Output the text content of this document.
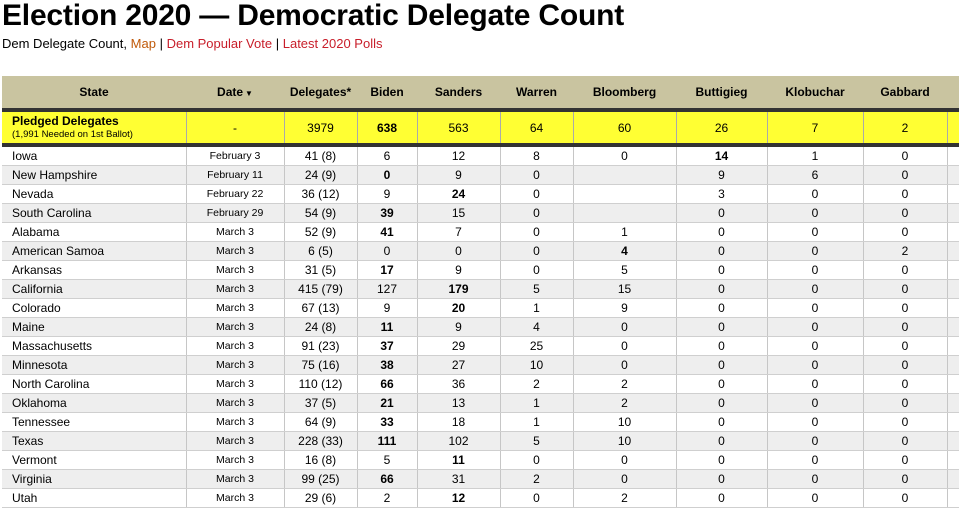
Election 2020 — Democratic Delegate Count
Dem Delegate Count, Map | Dem Popular Vote | Latest 2020 Polls
State	Date ▼	Delegates*	Biden	Sanders	Warren	Bloomberg	Buttigieg	Klobuchar	Gabbard	

Pledged Delegates
(1,991 Needed on 1st Ballot)	-	3979	638	563	64	60	26	7	2	
Iowa	February 3	41 (8)	6	12	8	0	14	1	0	
New Hampshire	February 11	24 (9)	0	9	0		9	6	0	
Nevada	February 22	36 (12)	9	24	0		3	0	0	
South Carolina	February 29	54 (9)	39	15	0		0	0	0	
Alabama	March 3	52 (9)	41	7	0	1	0	0	0	
American Samoa	March 3	6 (5)	0	0	0	4	0	0	2	
Arkansas	March 3	31 (5)	17	9	0	5	0	0	0	
California	March 3	415 (79)	127	179	5	15	0	0	0	
Colorado	March 3	67 (13)	9	20	1	9	0	0	0	
Maine	March 3	24 (8)	11	9	4	0	0	0	0	
Massachusetts	March 3	91 (23)	37	29	25	0	0	0	0	
Minnesota	March 3	75 (16)	38	27	10	0	0	0	0	
North Carolina	March 3	110 (12)	66	36	2	2	0	0	0	
Oklahoma	March 3	37 (5)	21	13	1	2	0	0	0	
Tennessee	March 3	64 (9)	33	18	1	10	0	0	0	
Texas	March 3	228 (33)	111	102	5	10	0	0	0	
Vermont	March 3	16 (8)	5	11	0	0	0	0	0	
Virginia	March 3	99 (25)	66	31	2	0	0	0	0	
Utah	March 3	29 (6)	2	12	0	2	0	0	0	
